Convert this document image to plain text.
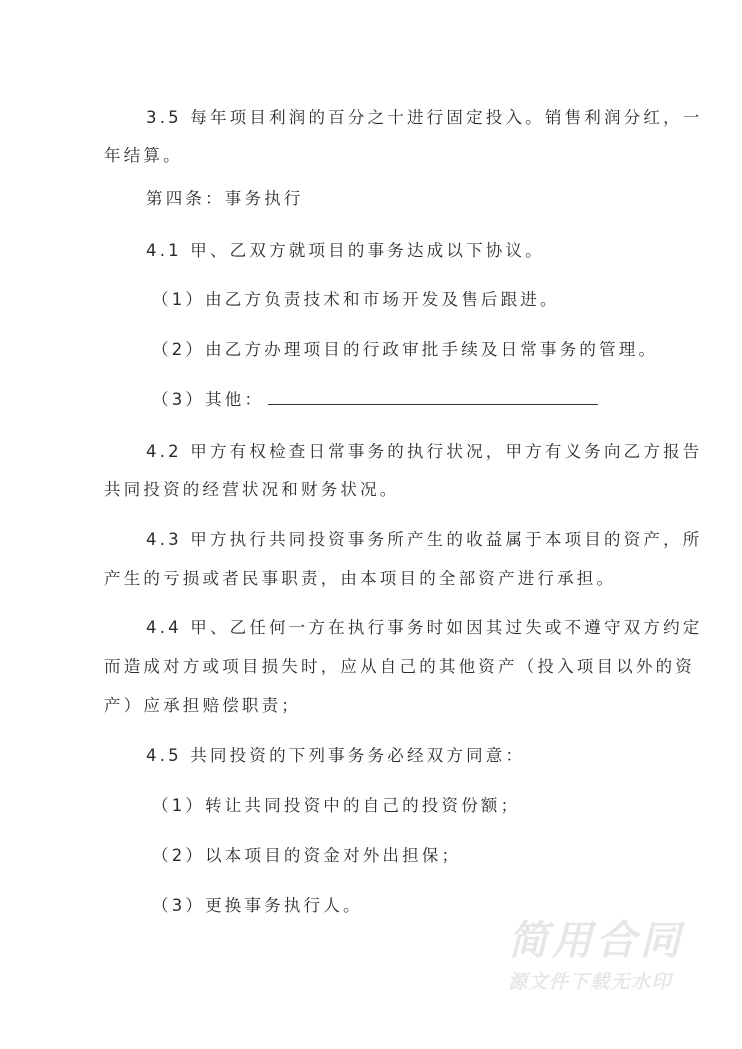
3.5 每年项目利润的百分之十进行固定投入。销售利润分红，一
年结算。
第四条：事务执行
4.1 甲、乙双方就项目的事务达成以下协议。
（1）由乙方负责技术和市场开发及售后跟进。
（2）由乙方办理项目的行政审批手续及日常事务的管理。
（3）其他：
4.2 甲方有权检查日常事务的执行状况，甲方有义务向乙方报告
共同投资的经营状况和财务状况。
4.3 甲方执行共同投资事务所产生的收益属于本项目的资产，所
产生的亏损或者民事职责，由本项目的全部资产进行承担。
4.4 甲、乙任何一方在执行事务时如因其过失或不遵守双方约定
而造成对方或项目损失时，应从自己的其他资产（投入项目以外的资
产）应承担赔偿职责；
4.5 共同投资的下列事务务必经双方同意：
（1）转让共同投资中的自己的投资份额；
（2）以本项目的资金对外出担保；
（3）更换事务执行人。
简用合同
源文件下载无水印
